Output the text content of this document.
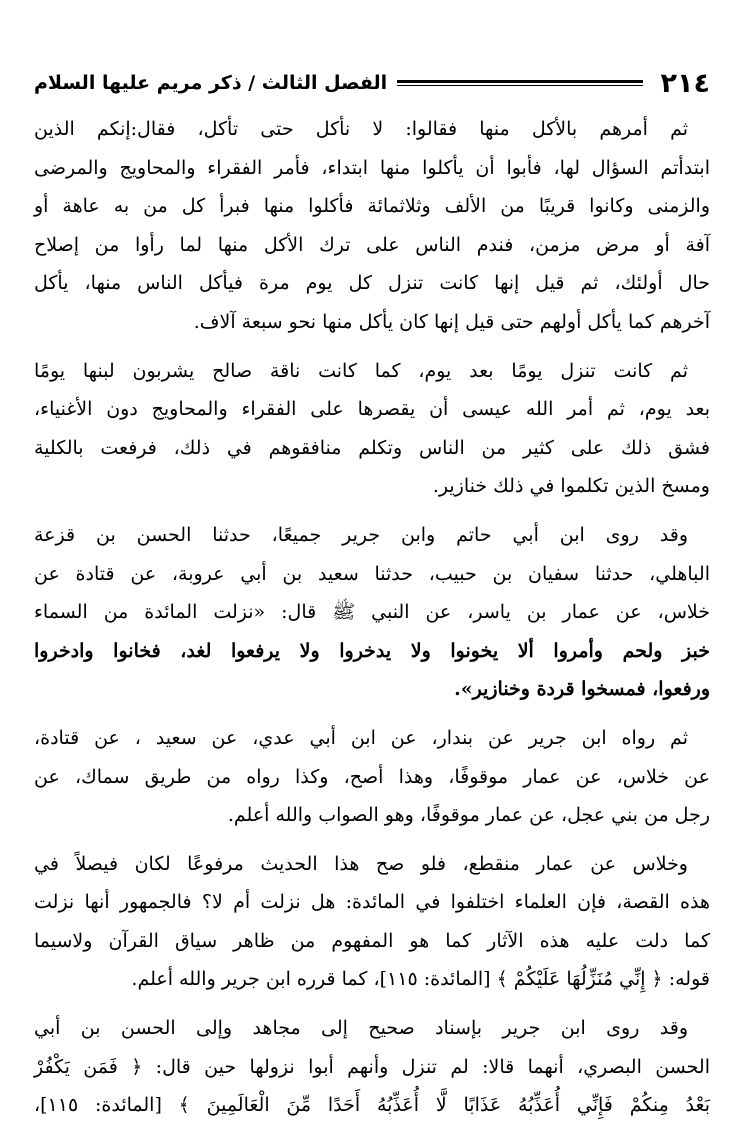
٢١٤
الفصل الثالث / ذكر مريم عليها السلام

ثم أمرهم بالأكل منها فقالوا: لا نأكل حتى تأكل، فقال:إنكم الذين
ابتدأتم السؤال لها، فأبوا أن يأكلوا منها ابتداء، فأمر الفقراء والمحاويج والمرضى
والزمنى وكانوا قريبًا من الألف وثلاثمائة فأكلوا منها فبرأ كل من به عاهة أو
آفة أو مرض مزمن، فندم الناس على ترك الأكل منها لما رأوا من إصلاح
حال أولئك، ثم قيل إنها كانت تنزل كل يوم مرة فيأكل الناس منها، يأكل
آخرهم كما يأكل أولهم حتى قيل إنها كان يأكل منها نحو سبعة آلاف.

ثم كانت تنزل يومًا بعد يوم، كما كانت ناقة صالح يشربون لبنها يومًا
بعد يوم، ثم أمر الله عيسى أن يقصرها على الفقراء والمحاويج دون الأغنياء،
فشق ذلك على كثير من الناس وتكلم منافقوهم في ذلك، فرفعت بالكلية
ومسخ الذين تكلموا في ذلك خنازير.

وقد روى ابن أبي حاتم وابن جرير جميعًا، حدثنا الحسن بن قزعة
الباهلي، حدثنا سفيان بن حبيب، حدثنا سعيد بن أبي عروبة، عن قتادة عن
خلاس، عن عمار بن ياسر، عن النبي ﷺ قال: «نزلت المائدة من السماء
خبز ولحم وأمروا ألا يخونوا ولا يدخروا ولا يرفعوا لغد، فخانوا وادخروا
ورفعوا، فمسخوا قردة وخنازير».

ثم رواه ابن جرير عن بندار، عن ابن أبي عدي، عن سعيد ، عن قتادة،
عن خلاس، عن عمار موقوفًا، وهذا أصح، وكذا رواه من طريق سماك، عن
رجل من بني عجل، عن عمار موقوفًا، وهو الصواب والله أعلم.

وخلاس عن عمار منقطع، فلو صح هذا الحديث مرفوعًا لكان فيصلاً في
هذه القصة، فإن العلماء اختلفوا في المائدة: هل نزلت أم لا؟ فالجمهور أنها نزلت
كما دلت عليه هذه الآثار كما هو المفهوم من ظاهر سياق القرآن ولاسيما
قوله: ﴿ إِنِّي مُنَزِّلُهَا عَلَيْكُمْ ﴾ [المائدة: ١١٥]، كما قرره ابن جرير والله أعلم.

وقد روى ابن جرير بإسناد صحيح إلى مجاهد وإلى الحسن بن أبي
الحسن البصري، أنهما قالا: لم تنزل وأنهم أبوا نزولها حين قال: ﴿ فَمَن يَكْفُرْ
بَعْدُ مِنكُمْ فَإِنِّي أُعَذِّبُهُ عَذَابًا لَّا أُعَذِّبُهُ أَحَدًا مِّنَ الْعَالَمِينَ ﴾ [المائدة: ١١٥]،
